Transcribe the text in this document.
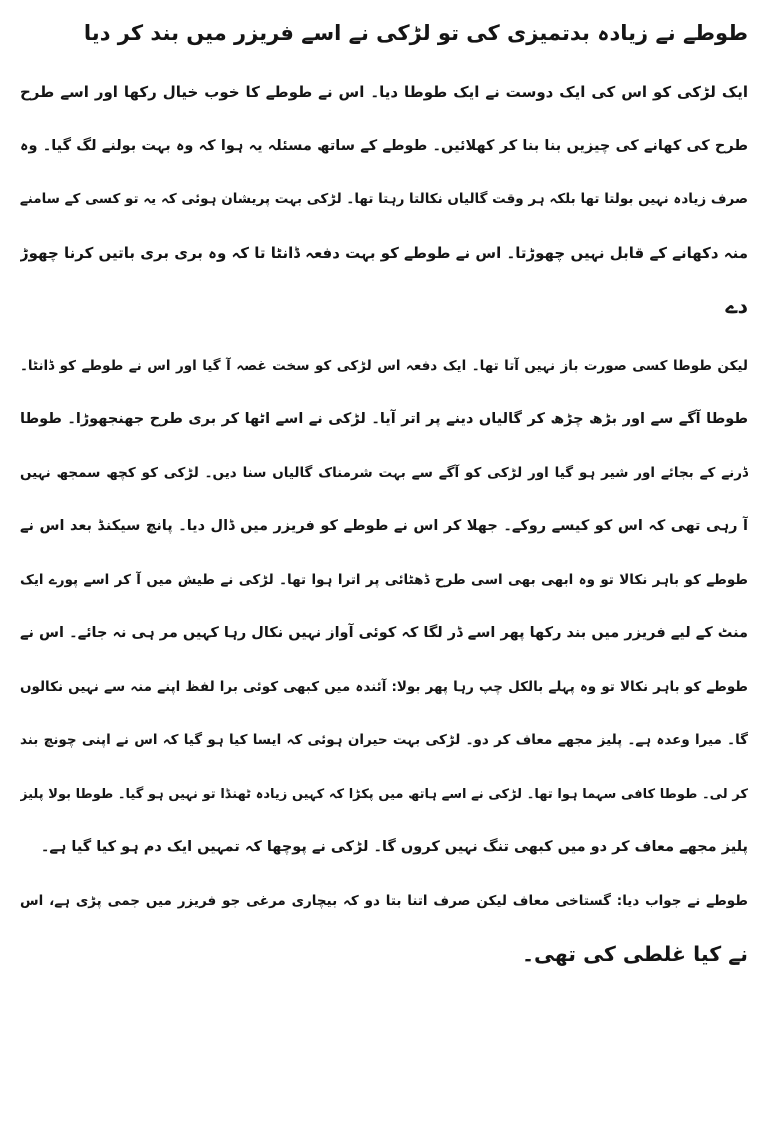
طوطے نے زیادہ بدتمیزی کی تو لڑکی نے اسے فریزر میں بند کر دیا
ایک لڑکی کو اس کی ایک دوست نے ایک طوطا دیا۔ اس نے طوطے کا خوب خیال رکھا اور اسے طرح
طرح کی کھانے کی چیزیں بنا بنا کر کھلائیں۔ طوطے کے ساتھ مسئلہ یہ ہوا کہ وہ بہت بولنے لگ گیا۔ وہ
صرف زیادہ نہیں بولتا تھا بلکہ ہر وقت گالیاں نکالتا رہتا تھا۔ لڑکی بہت پریشان ہوئی کہ یہ تو کسی کے سامنے
منہ دکھانے کے قابل نہیں چھوڑتا۔ اس نے طوطے کو بہت دفعہ ڈانٹا تا کہ وہ بری بری باتیں کرنا چھوڑ
دے
لیکن طوطا کسی صورت باز نہیں آتا تھا۔ ایک دفعہ اس لڑکی کو سخت غصہ آ گیا اور اس نے طوطے کو ڈانٹا۔
طوطا آگے سے اور بڑھ چڑھ کر گالیاں دینے پر اتر آیا۔ لڑکی نے اسے اٹھا کر بری طرح جھنجھوڑا۔ طوطا
ڈرنے کے بجائے اور شیر ہو گیا اور لڑکی کو آگے سے بہت شرمناک گالیاں سنا دیں۔ لڑکی کو کچھ سمجھ نہیں
آ رہی تھی کہ اس کو کیسے روکے۔ جھلا کر اس نے طوطے کو فریزر میں ڈال دیا۔ پانچ سیکنڈ بعد اس نے
طوطے کو باہر نکالا تو وہ ابھی بھی اسی طرح ڈھٹائی پر اترا ہوا تھا۔ لڑکی نے طیش میں آ کر اسے پورے ایک
منٹ کے لیے فریزر میں بند رکھا پھر اسے ڈر لگا کہ کوئی آواز نہیں نکال رہا کہیں مر ہی نہ جائے۔ اس نے
طوطے کو باہر نکالا تو وہ پہلے بالکل چپ رہا پھر بولا: آئندہ میں کبھی کوئی برا لفظ اپنے منہ سے نہیں نکالوں
گا۔ میرا وعدہ ہے۔ پلیز مجھے معاف کر دو۔ لڑکی بہت حیران ہوئی کہ ایسا کیا ہو گیا کہ اس نے اپنی چونچ بند
کر لی۔ طوطا کافی سہما ہوا تھا۔ لڑکی نے اسے ہاتھ میں پکڑا کہ کہیں زیادہ ٹھنڈا تو نہیں ہو گیا۔ طوطا بولا پلیز
پلیز مجھے معاف کر دو میں کبھی تنگ نہیں کروں گا۔ لڑکی نے پوچھا کہ تمہیں ایک دم ہو کیا گیا ہے۔
طوطے نے جواب دیا: گستاخی معاف لیکن صرف اتنا بتا دو کہ بیچاری مرغی جو فریزر میں جمی پڑی ہے، اس
نے کیا غلطی کی تھی۔
